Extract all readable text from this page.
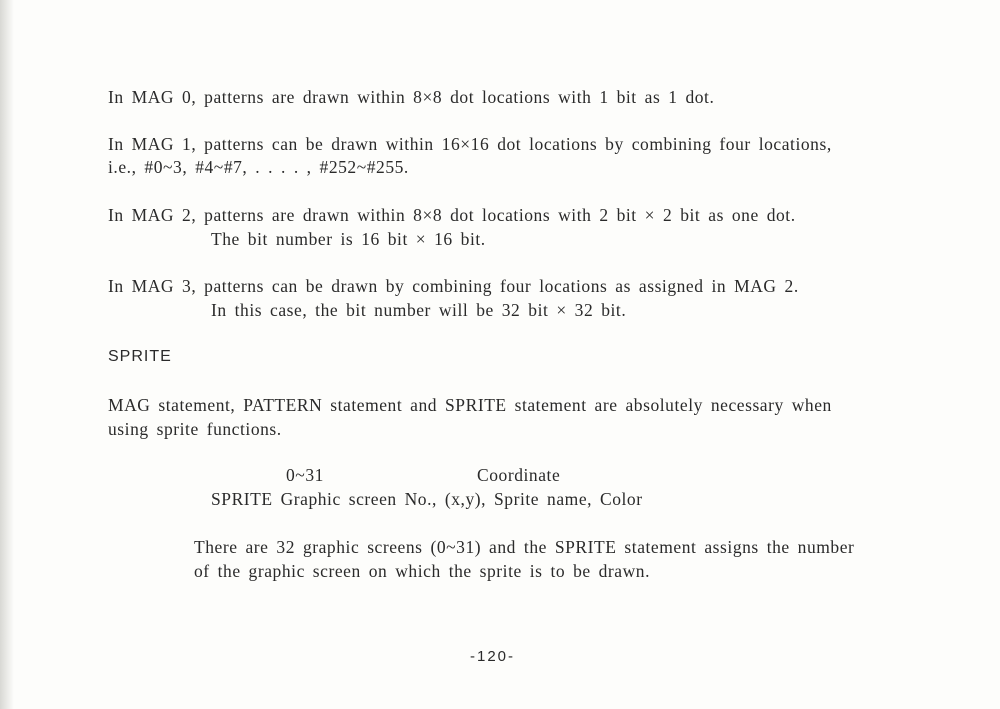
In MAG 0, patterns are drawn within 8×8 dot locations with 1 bit as 1 dot.
In MAG 1, patterns can be drawn within 16×16 dot locations by combining four locations,
i.e., #0~3, #4~#7, . . . . , #252~#255.
In MAG 2, patterns are drawn within 8×8 dot locations with 2 bit × 2 bit as one dot.
The bit number is 16 bit × 16 bit.
In MAG 3, patterns can be drawn by combining four locations as assigned in MAG 2.
In this case, the bit number will be 32 bit × 32 bit.
SPRITE
MAG statement, PATTERN statement and SPRITE statement are absolutely necessary when
using sprite functions.
0~31	Coordinate
SPRITE Graphic screen No., (x,y), Sprite name, Color
There are 32 graphic screens (0~31) and the SPRITE statement assigns the number
of the graphic screen on which the sprite is to be drawn.
-120-
